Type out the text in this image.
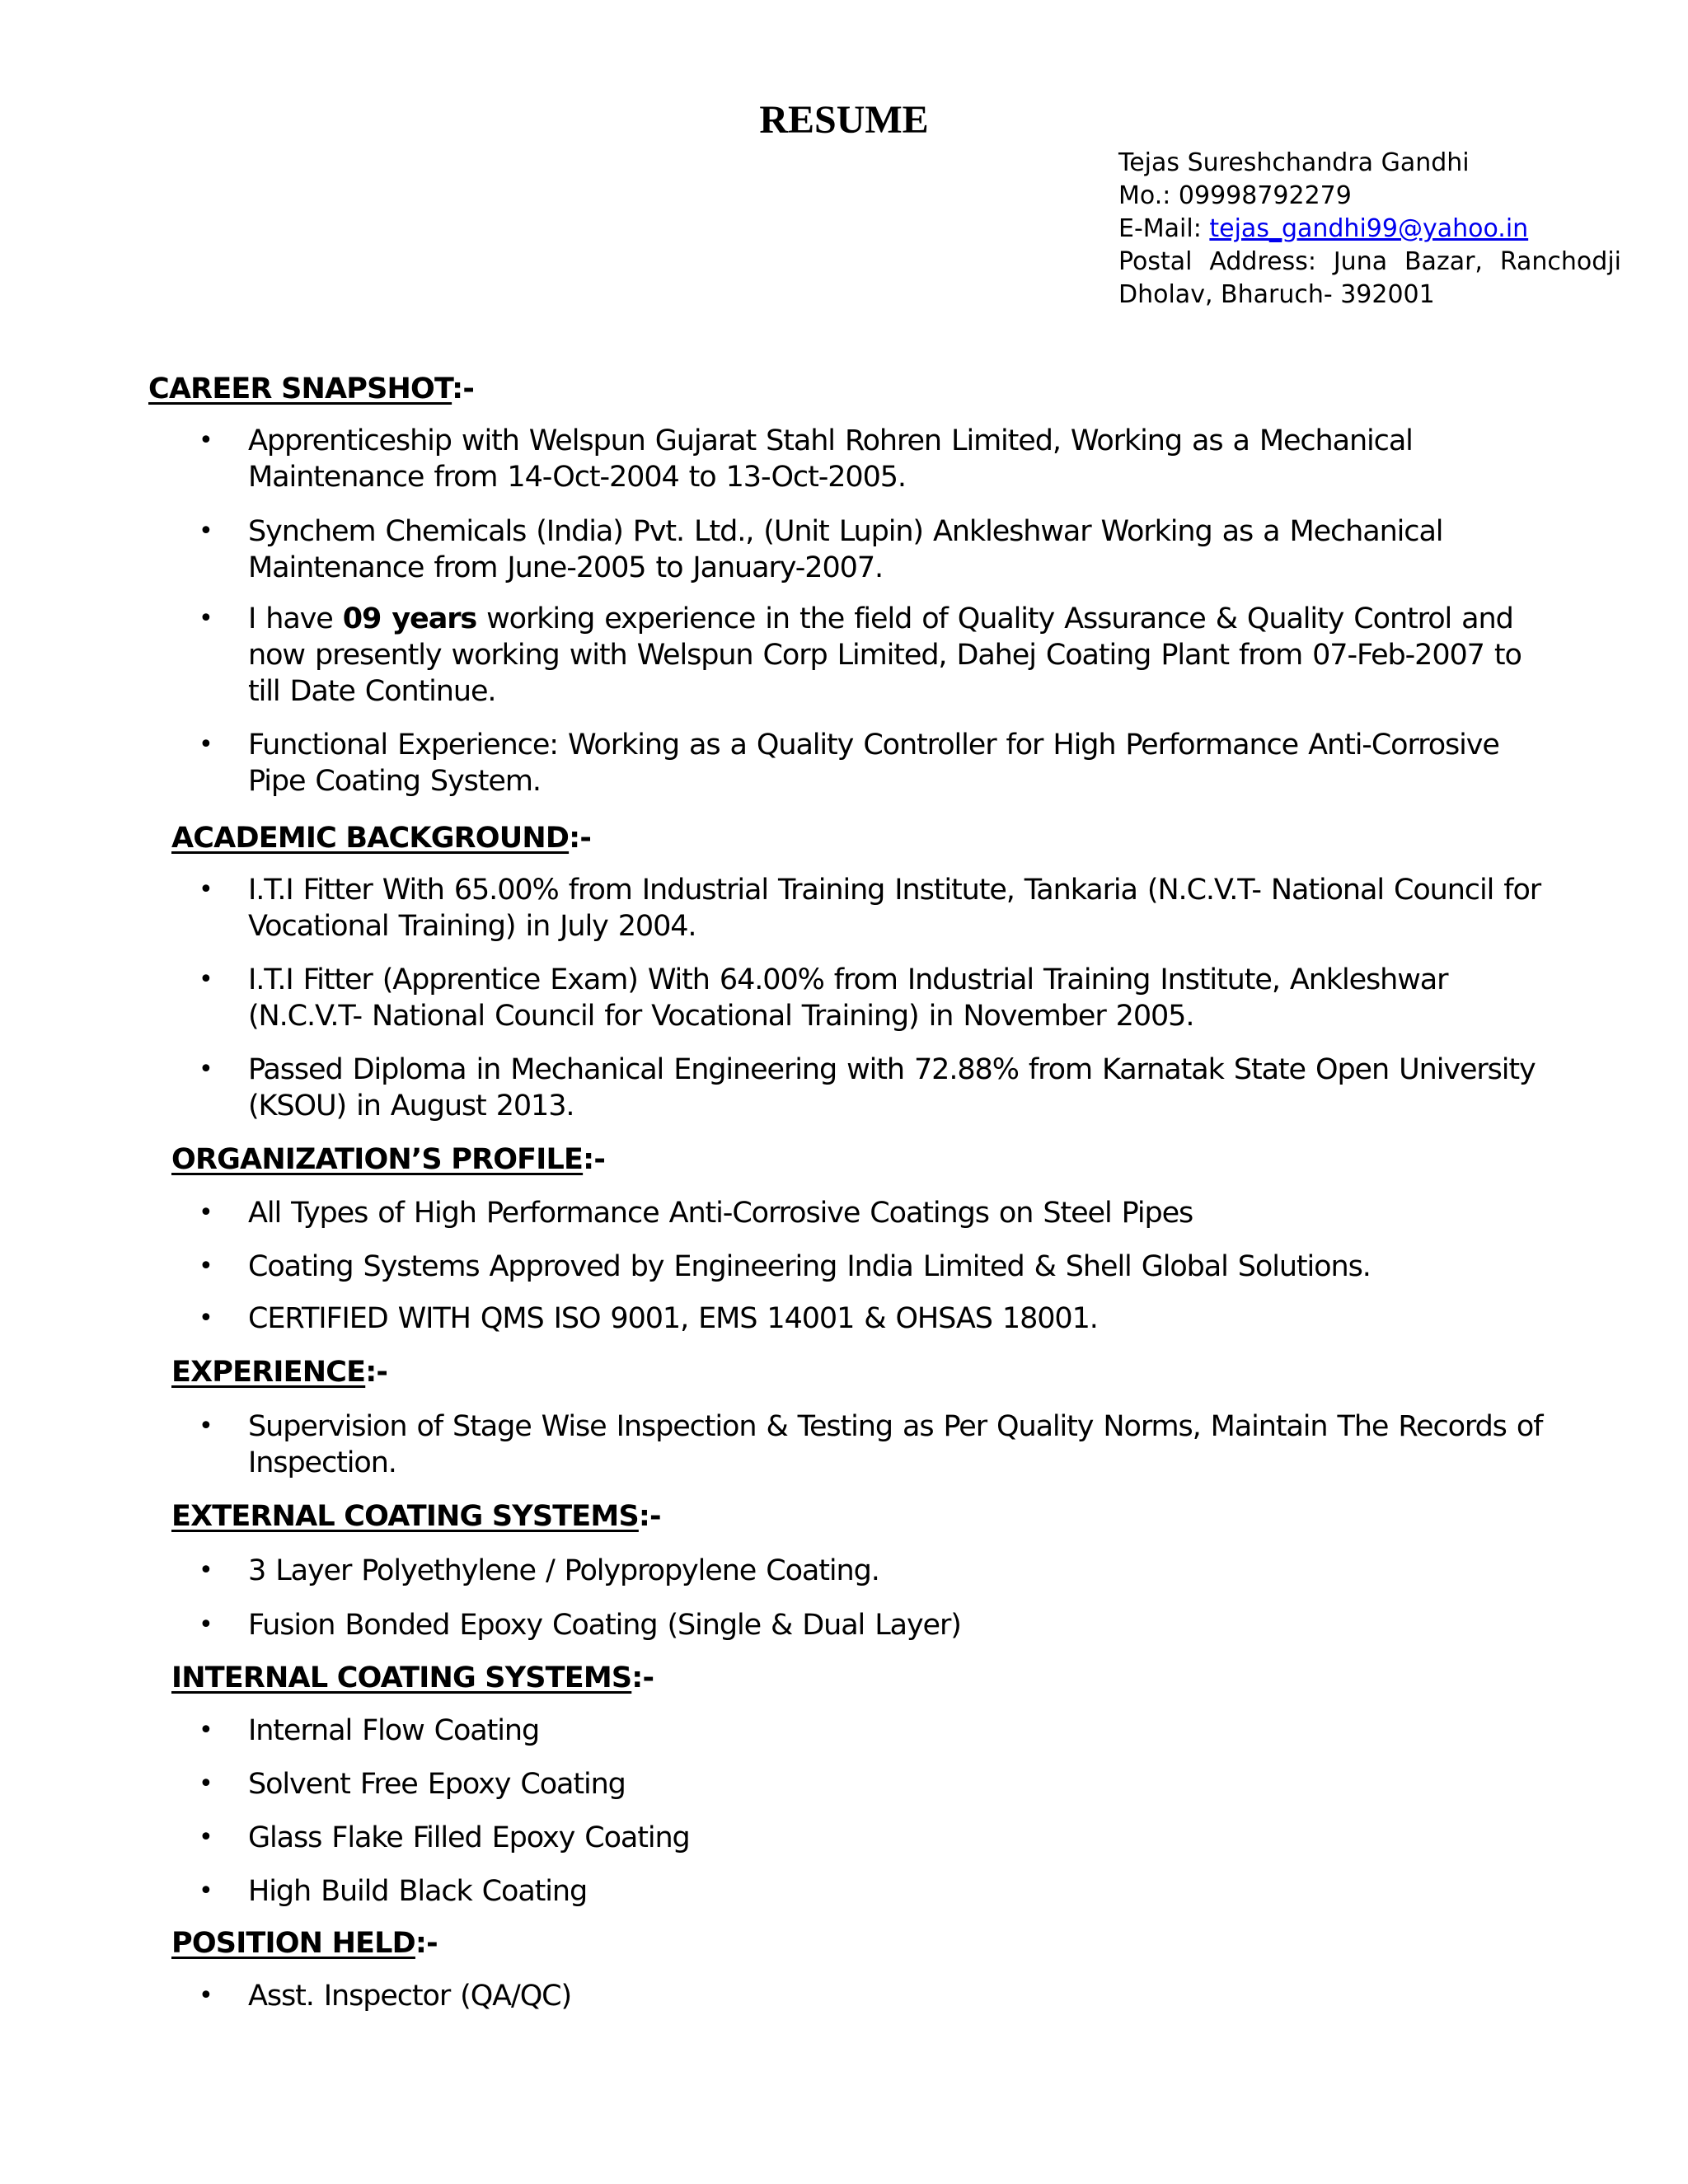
RESUME
Tejas Sureshchandra Gandhi
Mo.: 09998792279
E-Mail: tejas_gandhi99@yahoo.in
Postal Address: Juna Bazar, Ranchodji
Dholav, Bharuch- 392001
CAREER SNAPSHOT:-
• Apprenticeship with Welspun Gujarat Stahl Rohren Limited, Working as a Mechanical Maintenance from 14-Oct-2004 to 13-Oct-2005.
• Synchem Chemicals (India) Pvt. Ltd., (Unit Lupin) Ankleshwar Working as a Mechanical Maintenance from June-2005 to January-2007.
• I have 09 years working experience in the field of Quality Assurance & Quality Control and now presently working with Welspun Corp Limited, Dahej Coating Plant from 07-Feb-2007 to till Date Continue.
• Functional Experience: Working as a Quality Controller for High Performance Anti-Corrosive Pipe Coating System.
ACADEMIC BACKGROUND:-
• I.T.I Fitter With 65.00% from Industrial Training Institute, Tankaria (N.C.V.T- National Council for Vocational Training) in July 2004.
• I.T.I Fitter (Apprentice Exam) With 64.00% from Industrial Training Institute, Ankleshwar (N.C.V.T- National Council for Vocational Training) in November 2005.
• Passed Diploma in Mechanical Engineering with 72.88% from Karnatak State Open University (KSOU) in August 2013.
ORGANIZATION’S PROFILE:-
• All Types of High Performance Anti-Corrosive Coatings on Steel Pipes
• Coating Systems Approved by Engineering India Limited & Shell Global Solutions.
• CERTIFIED WITH QMS ISO 9001, EMS 14001 & OHSAS 18001.
EXPERIENCE:-
• Supervision of Stage Wise Inspection & Testing as Per Quality Norms, Maintain The Records of Inspection.
EXTERNAL COATING SYSTEMS:-
• 3 Layer Polyethylene / Polypropylene Coating.
• Fusion Bonded Epoxy Coating (Single & Dual Layer)
INTERNAL COATING SYSTEMS:-
• Internal Flow Coating
• Solvent Free Epoxy Coating
• Glass Flake Filled Epoxy Coating
• High Build Black Coating
POSITION HELD:-
• Asst. Inspector (QA/QC)
